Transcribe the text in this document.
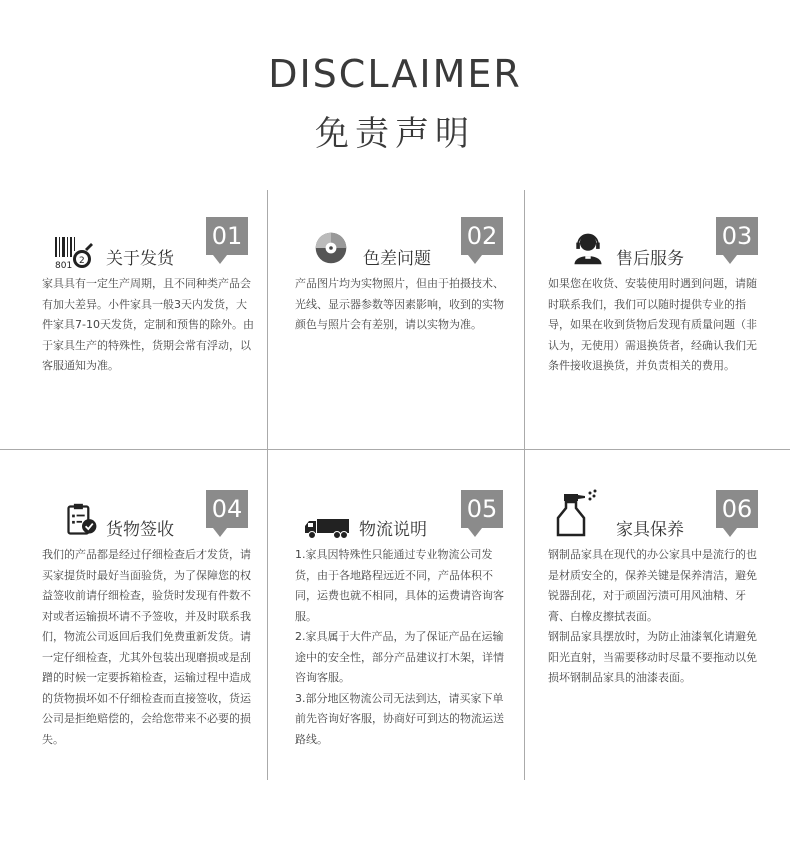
DISCLAIMER
免责声明
01
801 2 关于发货

家具具有一定生产周期，且不同种类产品会有加大差异。小件家具一般3天内发货，大件家具7-10天发货，定制和预售的除外。由于家具生产的特殊性，货期会常有浮动，以客服通知为准。

02
色差问题

产品图片均为实物照片，但由于拍摄技术、光线、显示器参数等因素影响，收到的实物颜色与照片会有差别，请以实物为准。

03
售后服务

如果您在收货、安装使用时遇到问题，请随时联系我们，我们可以随时提供专业的指导，如果在收到货物后发现有质量问题（非认为，无使用）需退换货者，经确认我们无条件接收退换货，并负责相关的费用。

04
货物签收

我们的产品都是经过仔细检查后才发货，请买家提货时最好当面验货，为了保障您的权益签收前请仔细检查，验货时发现有件数不对或者运输损坏请不予签收，并及时联系我们，物流公司返回后我们免费重新发货。请一定仔细检查，尤其外包装出现磨损或是刮蹭的时候一定要拆箱检查，运输过程中造成的货物损坏如不仔细检查而直接签收，货运公司是拒绝赔偿的，会给您带来不必要的损失。

05
物流说明

1.家具因特殊性只能通过专业物流公司发货，由于各地路程远近不同，产品体积不同，运费也就不相同，具体的运费请咨询客服。

2.家具属于大件产品，为了保证产品在运输途中的安全性，部分产品建议打木架，详情咨询客服。

3.部分地区物流公司无法到达，请买家下单前先咨询好客服，协商好可到达的物流运送路线。

06
家具保养

钢制品家具在现代的办公家具中是流行的也是材质安全的，保养关键是保养清洁，避免锐器刮花，对于顽固污渍可用风油精、牙膏、白橡皮擦拭表面。

钢制品家具摆放时，为防止油漆氧化请避免阳光直射，当需要移动时尽量不要拖动以免损坏钢制品家具的油漆表面。
